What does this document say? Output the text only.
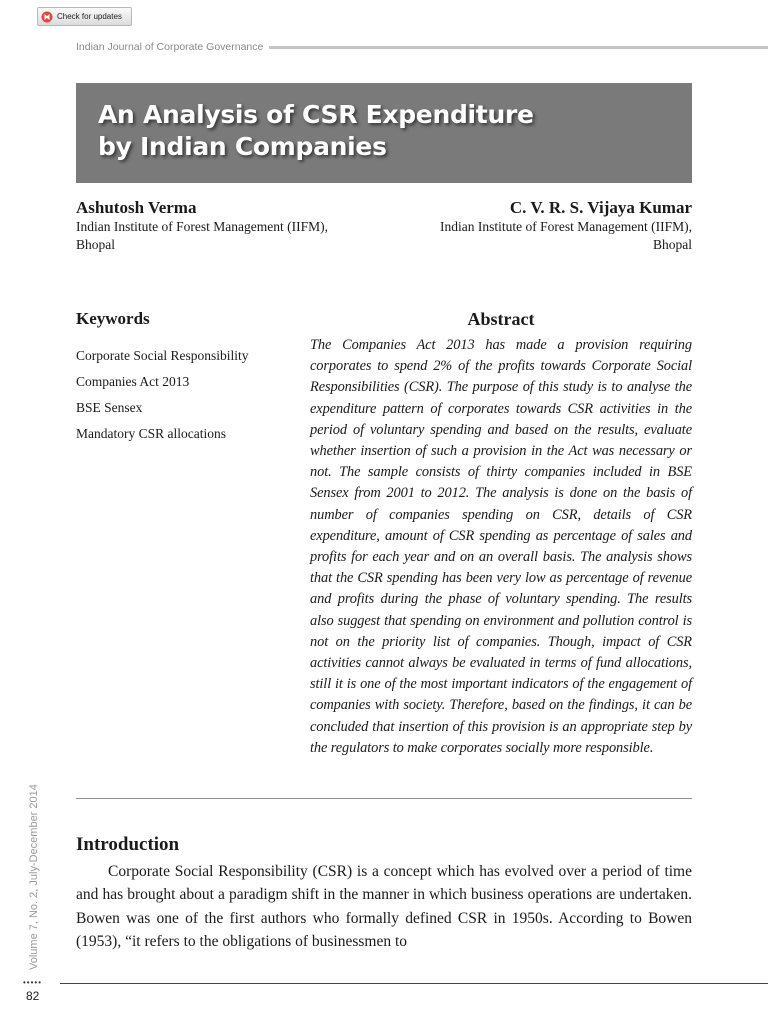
Check for updates
Indian Journal of Corporate Governance
An Analysis of CSR Expenditure
by Indian Companies
Ashutosh Verma
Indian Institute of Forest Management (IIFM),
Bhopal
C. V. R. S. Vijaya Kumar
Indian Institute of Forest Management (IIFM),
Bhopal
Keywords
Corporate Social Responsibility
Companies Act 2013
BSE Sensex
Mandatory CSR allocations
Abstract

The Companies Act 2013 has made a provision requiring corporates to spend 2% of the profits towards Corporate Social Responsibilities (CSR). The purpose of this study is to analyse the expenditure pattern of corporates towards CSR activities in the period of voluntary spending and based on the results, evaluate whether insertion of such a provision in the Act was necessary or not. The sample consists of thirty companies included in BSE Sensex from 2001 to 2012. The analysis is done on the basis of number of companies spending on CSR, details of CSR expenditure, amount of CSR spending as percentage of sales and profits for each year and on an overall basis. The analysis shows that the CSR spending has been very low as percentage of revenue and profits during the phase of voluntary spending. The results also suggest that spending on environment and pollution control is not on the priority list of companies. Though, impact of CSR activities cannot always be evaluated in terms of fund allocations, still it is one of the most important indicators of the engagement of companies with society. Therefore, based on the findings, it can be concluded that insertion of this provision is an appropriate step by the regulators to make corporates socially more responsible.

Introduction

Corporate Social Responsibility (CSR) is a concept which has evolved over a period of time and has brought about a paradigm shift in the manner in which business operations are undertaken. Bowen was one of the first authors who formally defined CSR in 1950s. According to Bowen (1953), “it refers to the obligations of businessmen to

Volume 7, No. 2, July-December 2014
•••••
82
